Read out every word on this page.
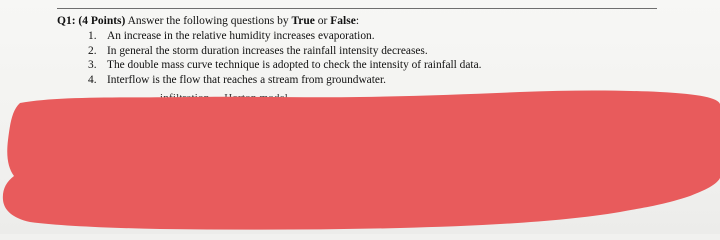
Q1: (4 Points) Answer the following questions by True or False:
1. An increase in the relative humidity increases evaporation.
2. In general the storm duration increases the rainfall intensity decreases.
3. The double mass curve technique is adopted to check the intensity of rainfall data.
4. Interflow is the flow that reaches a stream from groundwater.
